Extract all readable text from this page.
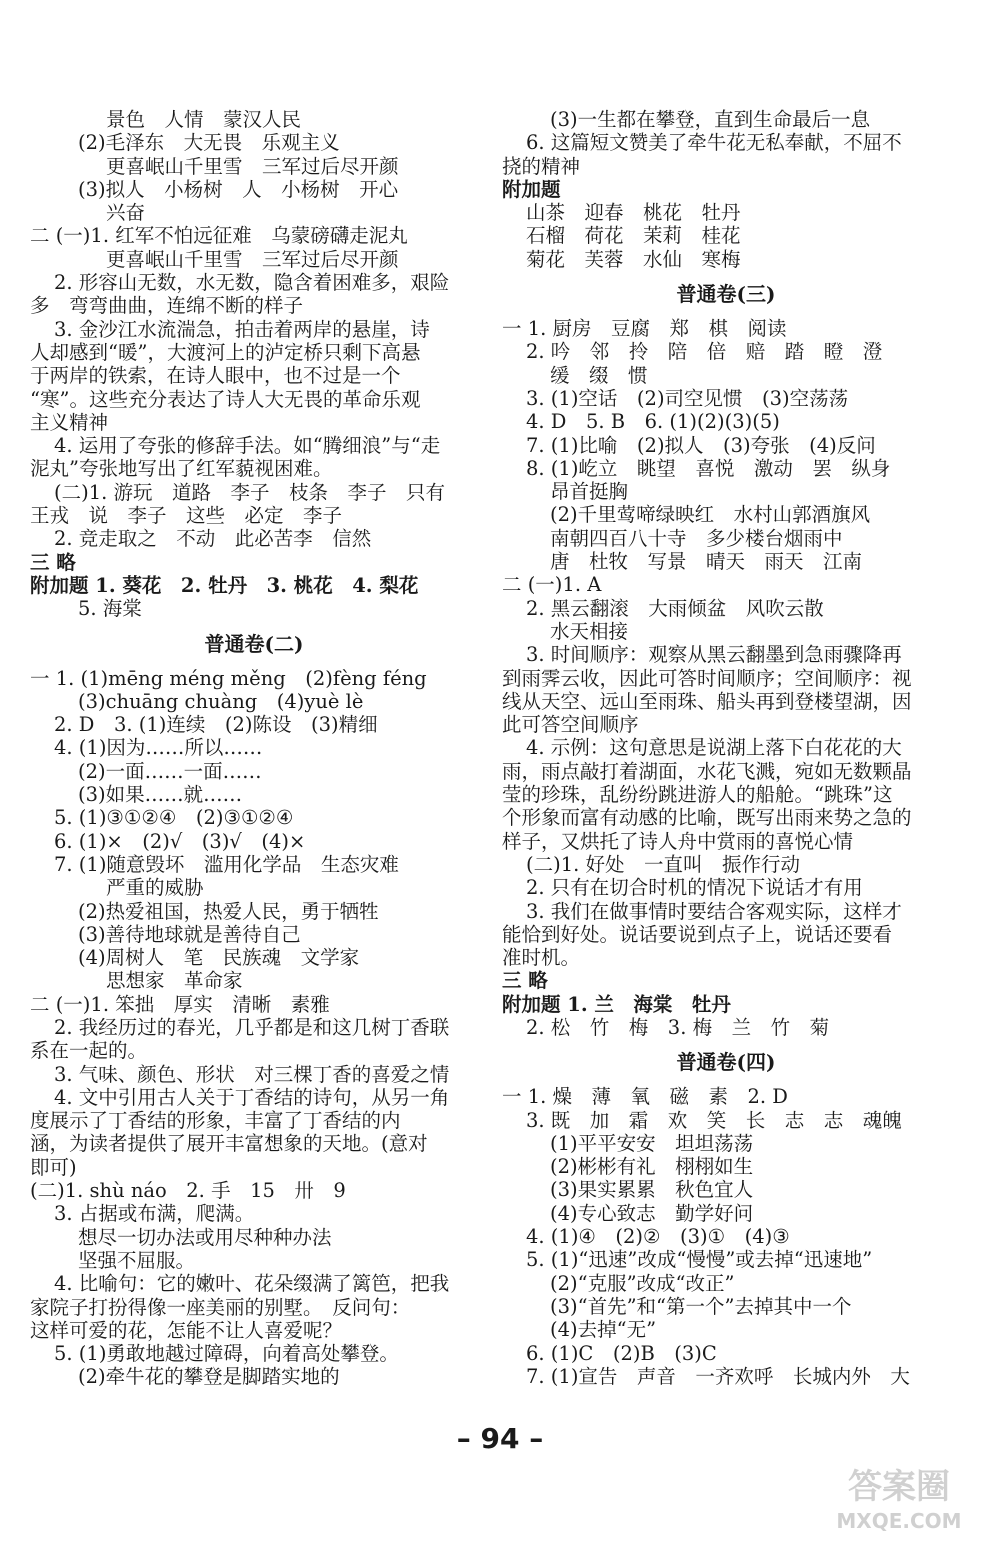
景色　人情　蒙汉人民
(2)毛泽东　大无畏　乐观主义
更喜岷山千里雪　三军过后尽开颜
(3)拟人　小杨树　人　小杨树　开心
兴奋
二 (一)1. 红军不怕远征难　乌蒙磅礴走泥丸
更喜岷山千里雪　三军过后尽开颜
2. 形容山无数，水无数，隐含着困难多，艰险
多　弯弯曲曲，连绵不断的样子
3. 金沙江水流湍急，拍击着两岸的悬崖，诗
人却感到“暖”，大渡河上的泸定桥只剩下高悬
于两岸的铁索，在诗人眼中，也不过是一个
“寒”。这些充分表达了诗人大无畏的革命乐观
主义精神
4. 运用了夸张的修辞手法。如“腾细浪”与“走
泥丸”夸张地写出了红军藐视困难。
(二)1. 游玩　道路　李子　枝条　李子　只有
王戎　说　李子　这些　必定　李子
2. 竞走取之　不动　此必苦李　信然
三 略
附加题 1. 葵花　2. 牡丹　3. 桃花　4. 梨花
5. 海棠
普通卷(二)
一 1. (1)mēng méng měng　(2)fèng féng
(3)chuāng chuàng　(4)yuè lè
2. D　3. (1)连续　(2)陈设　(3)精细
4. (1)因为……所以……
(2)一面……一面……
(3)如果……就……
5. (1)③①②④　(2)③①②④
6. (1)×　(2)√　(3)√　(4)×
7. (1)随意毁坏　滥用化学品　生态灾难
严重的威胁
(2)热爱祖国，热爱人民，勇于牺牲
(3)善待地球就是善待自己
(4)周树人　笔　民族魂　文学家
思想家　革命家
二 (一)1. 笨拙　厚实　清晰　素雅
2. 我经历过的春光，几乎都是和这几树丁香联
系在一起的。
3. 气味、颜色、形状　对三棵丁香的喜爱之情
4. 文中引用古人关于丁香结的诗句，从另一角
度展示了丁香结的形象，丰富了丁香结的内
涵，为读者提供了展开丰富想象的天地。(意对
即可)
(二)1. shù náo　2. 手　15　卅　9
3. 占据或布满，爬满。
想尽一切办法或用尽种种办法
坚强不屈服。
4. 比喻句：它的嫩叶、花朵缀满了篱笆，把我
家院子打扮得像一座美丽的别墅。　反问句：
这样可爱的花，怎能不让人喜爱呢？
5. (1)勇敢地越过障碍，向着高处攀登。
(2)牵牛花的攀登是脚踏实地的
(3)一生都在攀登，直到生命最后一息
6. 这篇短文赞美了牵牛花无私奉献，不屈不
挠的精神
附加题
山茶　迎春　桃花　牡丹
石榴　荷花　茉莉　桂花
菊花　芙蓉　水仙　寒梅
普通卷(三)
一 1. 厨房　豆腐　郑　棋　阅读
2. 吟　邻　拎　陪　倍　赔　踏　瞪　澄
缓　缀　惯
3. (1)空话　(2)司空见惯　(3)空荡荡
4. D　5. B　6. (1)(2)(3)(5)
7. (1)比喻　(2)拟人　(3)夸张　(4)反问
8. (1)屹立　眺望　喜悦　激动　罢　纵身
昂首挺胸
(2)千里莺啼绿映红　水村山郭酒旗风
南朝四百八十寺　多少楼台烟雨中
唐　杜牧　写景　晴天　雨天　江南
二 (一)1. A
2. 黑云翻滚　大雨倾盆　风吹云散
水天相接
3. 时间顺序：观察从黑云翻墨到急雨骤降再
到雨霁云收，因此可答时间顺序；空间顺序：视
线从天空、远山至雨珠、船头再到登楼望湖，因
此可答空间顺序
4. 示例：这句意思是说湖上落下白花花的大
雨，雨点敲打着湖面，水花飞溅，宛如无数颗晶
莹的珍珠，乱纷纷跳进游人的船舱。“跳珠”这
个形象而富有动感的比喻，既写出雨来势之急的
样子，又烘托了诗人舟中赏雨的喜悦心情
(二)1. 好处　一直叫　振作行动
2. 只有在切合时机的情况下说话才有用
3. 我们在做事情时要结合客观实际，这样才
能恰到好处。说话要说到点子上，说话还要看
准时机。
三 略
附加题 1. 兰　海棠　牡丹
2. 松　竹　梅　3. 梅　兰　竹　菊
普通卷(四)
一 1. 燥　薄　氧　磁　素　2. D
3. 既　加　霜　欢　笑　长　志　志　魂魄
(1)平平安安　坦坦荡荡
(2)彬彬有礼　栩栩如生
(3)果实累累　秋色宜人
(4)专心致志　勤学好问
4. (1)④　(2)②　(3)①　(4)③
5. (1)“迅速”改成“慢慢”或去掉“迅速地”
(2)“克服”改成“改正”
(3)“首先”和“第一个”去掉其中一个
(4)去掉“无”
6. (1)C　(2)B　(3)C
7. (1)宣告　声音　一齐欢呼　长城内外　大
– 94 –
答案圈
MXQE.COM
